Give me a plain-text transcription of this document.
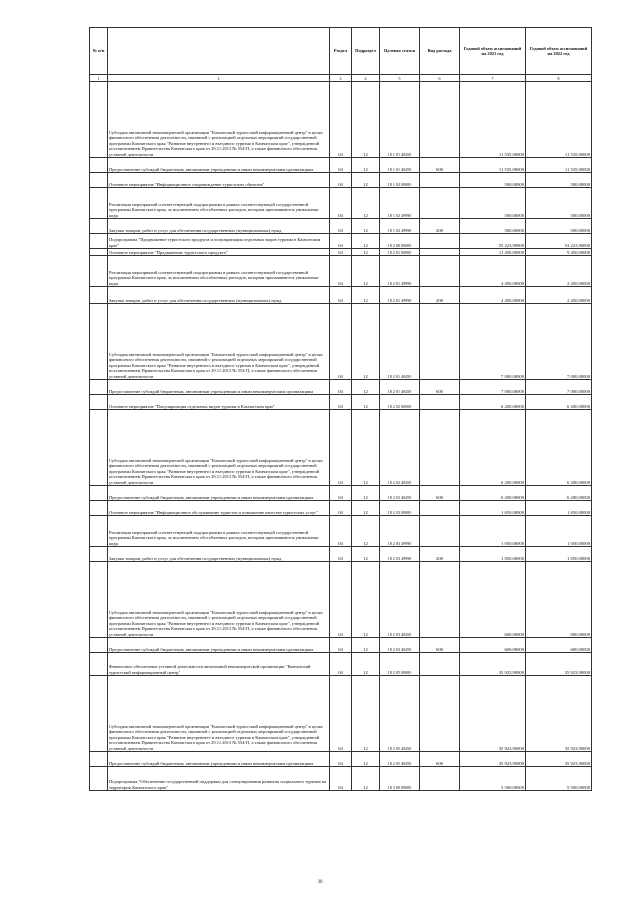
№ п/п		Раздел	Подраздел	Целевая статья	Вид расхода	Годовой объем ассигнований на 2021 год	Годовой объем ассигнований на 2022 год
1	2	3	4	5	6	7	8
	Субсидия автономной некоммерческой организации "Камчатский туристский информационный центр" в целях финансового обеспечения деятельности, связанной с реализацией отдельных мероприятий государственной программы Камчатского края "Развитие внутреннего и въездного туризма в Камчатском крае", утвержденной постановлением Правительства Камчатского края от 29.11.2013 № 554-П, а также финансового обеспечения уставной деятельности	04	12	18 1 01 40450		11 535,00000	11 535,00000
	Предоставление субсидий бюджетным, автономным учреждениям и иным некоммерческим организациям	04	12	18 1 01 40450	600	11 535,00000	11 535,00000
	Основное мероприятие "Информационное сопровождение туристских объектов"	04	12	18 1 02 00000		500,00000	500,00000
	Реализация мероприятий соответствующей подпрограммы в рамках соответствующей государственной программы Камчатского края, за исключением обособленных расходов, которым присваиваются уникальные коды	04	12	18 1 02 49990		500,00000	500,00000
	Закупка товаров, работ и услуг для обеспечения государственных (муниципальных) нужд	04	12	18 1 02 49990	200	500,00000	500,00000
	Подпрограмма "Продвижение туристского продукта и популяризация отдельных видов туризма в Камчатском крае"	04	12	18 2 00 00000		55 223,90000	53 223,90000
	Основное мероприятие "Продвижение туристского продукта"	04	12	18 2 01 00000		11 450,00000	9 450,00000
	Реализация мероприятий соответствующей подпрограммы в рамках соответствующей государственной программы Камчатского края, за исключением обособленных расходов, которым присваиваются уникальные коды	04	12	18 2 01 49990		4 450,00000	2 450,00000
	Закупка товаров, работ и услуг для обеспечения государственных (муниципальных) нужд	04	12	18 2 01 49990	200	4 450,00000	2 450,00000
	Субсидия автономной некоммерческой организации "Камчатский туристский информационный центр" в целях финансового обеспечения деятельности, связанной с реализацией отдельных мероприятий государственной программы Камчатского края "Развитие внутреннего и въездного туризма в Камчатском крае", утвержденной постановлением Правительства Камчатского края от 29.11.2013 № 554-П, а также финансового обеспечения уставной деятельности	04	12	18 2 01 40450		7 000,00000	7 000,00000
	Предоставление субсидий бюджетным, автономным учреждениям и иным некоммерческим организациям	04	12	18 2 01 40450	600	7 000,00000	7 000,00000
	Основное мероприятие "Популяризация отдельных видов туризма в Камчатском крае"	04	12	18 2 02 00000		6 200,00000	6 200,00000
	Субсидия автономной некоммерческой организации "Камчатский туристский информационный центр" в целях финансового обеспечения деятельности, связанной с реализацией отдельных мероприятий государственной программы Камчатского края "Развитие внутреннего и въездного туризма в Камчатском крае", утвержденной постановлением Правительства Камчатского края от 29.11.2013 № 554-П, а также финансового обеспечения уставной деятельности	04	12	18 2 02 40450		6 200,00000	6 200,00000
	Предоставление субсидий бюджетным, автономным учреждениям и иным некоммерческим организациям	04	12	18 2 02 40450	600	6 200,00000	6 200,00000
	Основное мероприятие "Информационное обслуживание туристов и повышение качества туристских услуг"	04	12	18 2 03 00000		1 650,00000	1 650,00000
	Реализация мероприятий соответствующей подпрограммы в рамках соответствующей государственной программы Камчатского края, за исключением обособленных расходов, которым присваиваются уникальные коды	04	12	18 2 03 49990		1 050,00000	1 050,00000
	Закупка товаров, работ и услуг для обеспечения государственных (муниципальных) нужд	04	12	18 2 03 49990	200	1 050,00000	1 050,00000
	Субсидия автономной некоммерческой организации "Камчатский туристский информационный центр" в целях финансового обеспечения деятельности, связанной с реализацией отдельных мероприятий государственной программы Камчатского края "Развитие внутреннего и въездного туризма в Камчатском крае", утвержденной постановлением Правительства Камчатского края от 29.11.2013 № 554-П, а также финансового обеспечения уставной деятельности	04	12	18 2 03 40450		600,00000	600,00000
	Предоставление субсидий бюджетным, автономным учреждениям и иным некоммерческим организациям	04	12	18 2 03 40450	600	600,00000	600,00000
	Финансовое обеспечение уставной деятельности автономной некоммерческой организации "Камчатский туристский информационный центр"	04	12	18 2 05 00000		35 923,90000	35 923,90000
	Субсидия автономной некоммерческой организации "Камчатский туристский информационный центр" в целях финансового обеспечения деятельности, связанной с реализацией отдельных мероприятий государственной программы Камчатского края "Развитие внутреннего и въездного туризма в Камчатском крае", утвержденной постановлением Правительства Камчатского края от 29.11.2013 № 554-П, а также финансового обеспечения уставной деятельности	04	12	18 2 05 40450		35 923,90000	35 923,90000
	Предоставление субсидий бюджетным, автономным учреждениям и иным некоммерческим организациям	04	12	18 2 05 40450	600	35 923,90000	35 923,90000
	Подпрограмма "Обеспечение государственной поддержки для стимулирования развития социального туризма на территории Камчатского края"	04	12	18 3 00 00000		5 500,00000	5 500,00000
30
